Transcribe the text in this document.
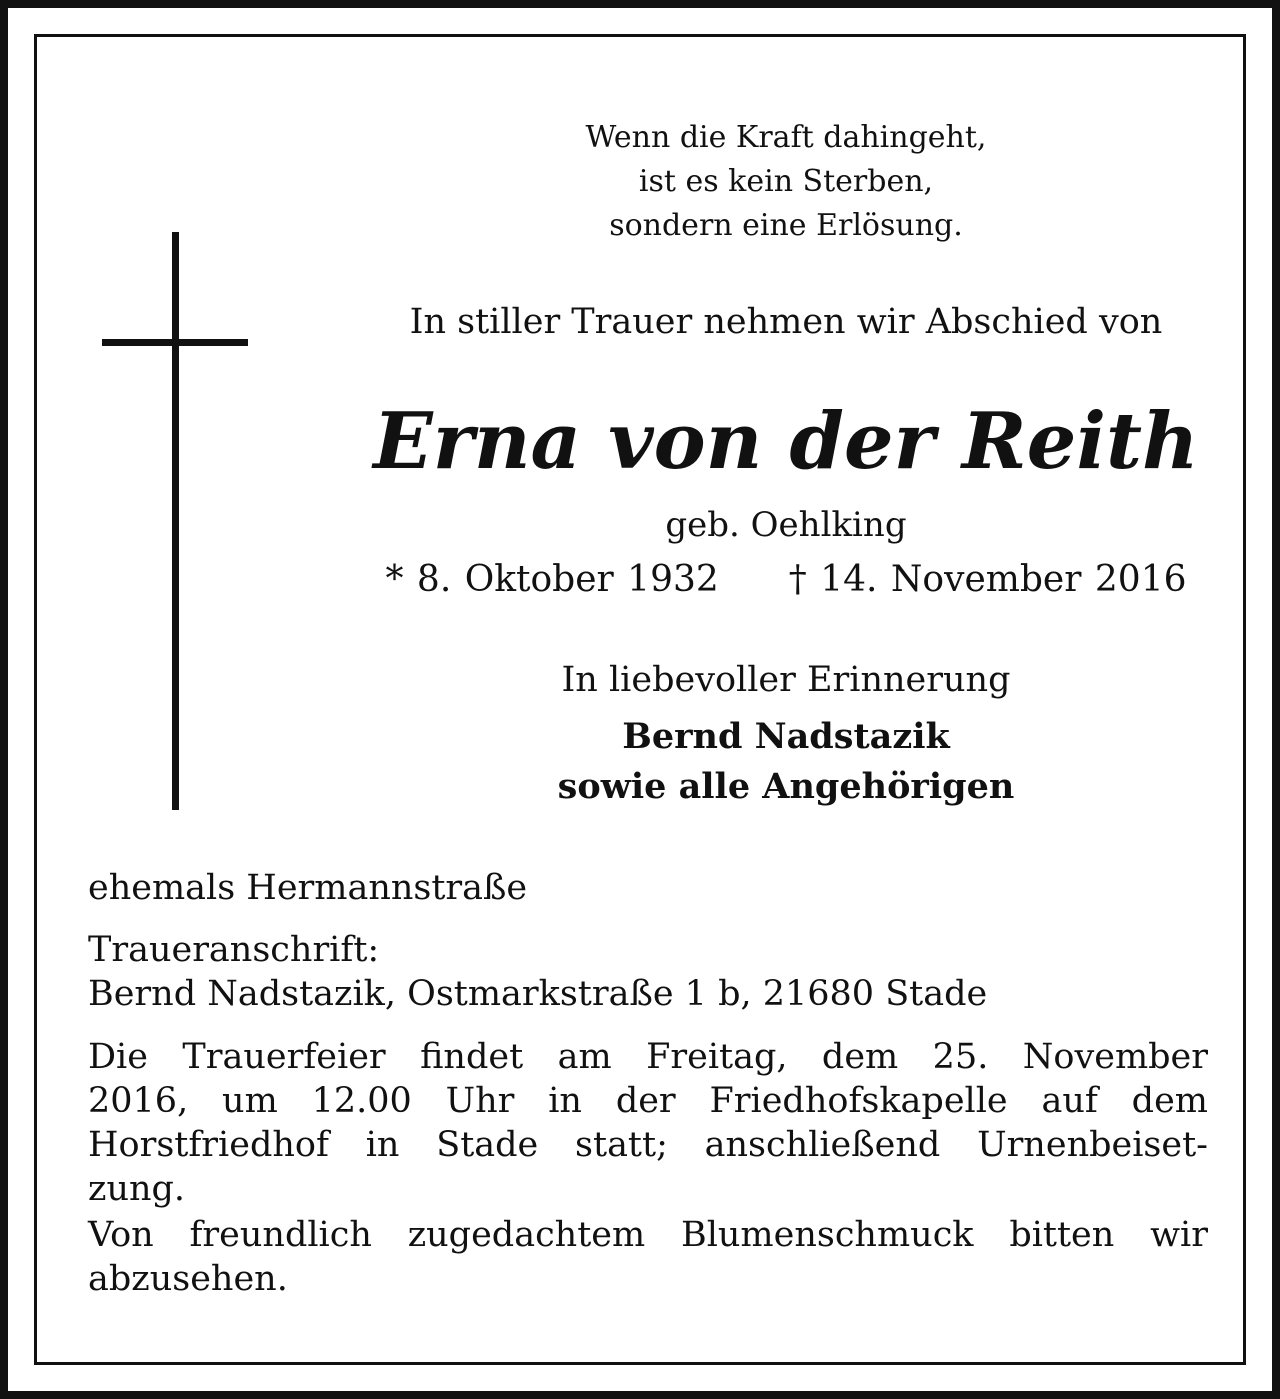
Wenn die Kraft dahingeht,
ist es kein Sterben,
sondern eine Erlösung.
In stiller Trauer nehmen wir Abschied von
Erna von der Reith
geb. Oehlking
* 8. Oktober 1932 † 14. November 2016
In liebevoller Erinnerung
Bernd Nadstazik
sowie alle Angehörigen
ehemals Hermannstraße
Traueranschrift:
Bernd Nadstazik, Ostmarkstraße 1 b, 21680 Stade
Die Trauerfeier findet am Freitag, dem 25. November
2016, um 12.00 Uhr in der Friedhofskapelle auf dem
Horstfriedhof in Stade statt; anschließend Urnenbeiset-
zung.
Von freundlich zugedachtem Blumenschmuck bitten wir
abzusehen.
